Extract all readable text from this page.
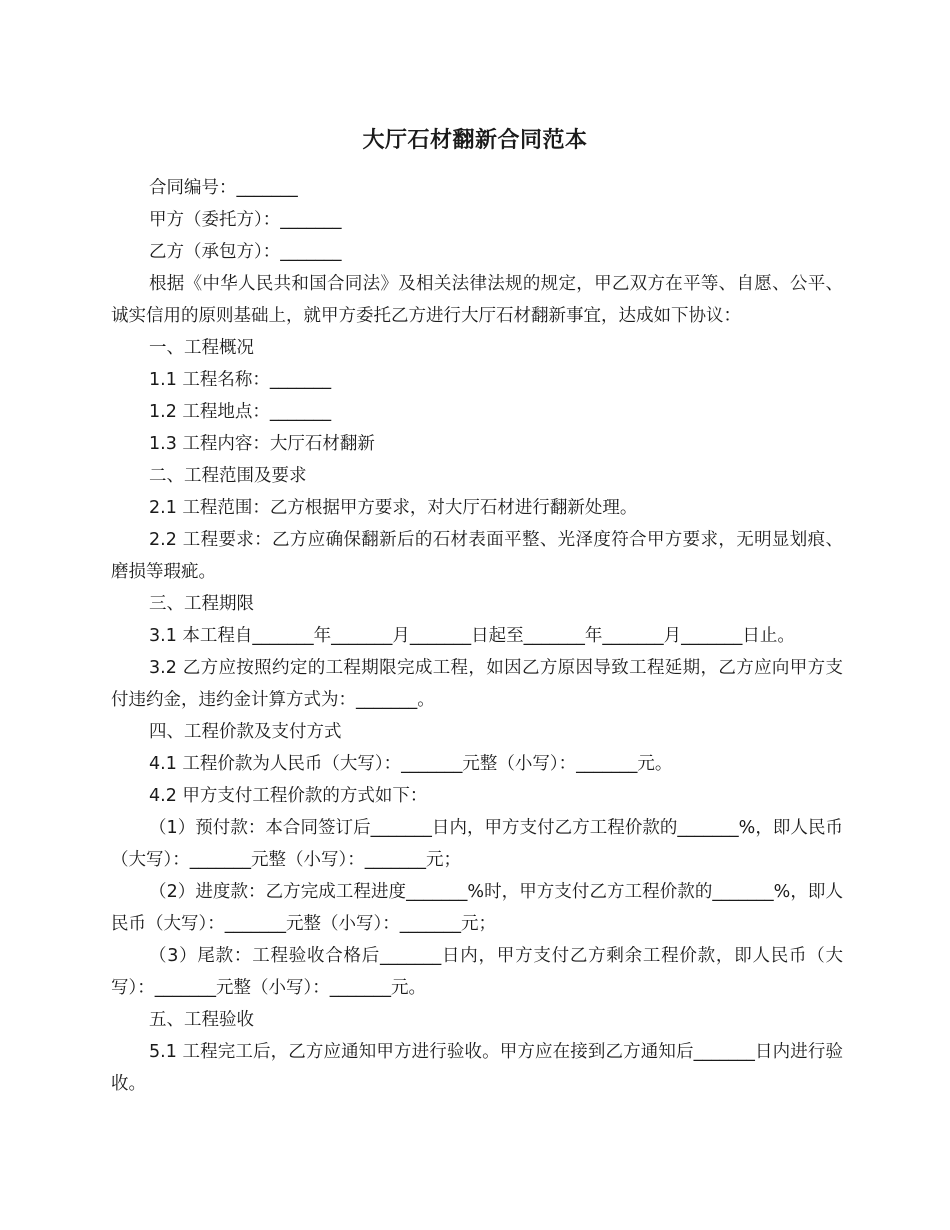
大厅石材翻新合同范本

合同编号：_______

甲方（委托方）：_______

乙方（承包方）：_______

根据《中华人民共和国合同法》及相关法律法规的规定，甲乙双方在平等、自愿、公平、诚实信用的原则基础上，就甲方委托乙方进行大厅石材翻新事宜，达成如下协议：

一、工程概况

1.1 工程名称：_______

1.2 工程地点：_______

1.3 工程内容：大厅石材翻新

二、工程范围及要求

2.1 工程范围：乙方根据甲方要求，对大厅石材进行翻新处理。

2.2 工程要求：乙方应确保翻新后的石材表面平整、光泽度符合甲方要求，无明显划痕、磨损等瑕疵。

三、工程期限

3.1 本工程自_______年_______月_______日起至_______年_______月_______日止。

3.2 乙方应按照约定的工程期限完成工程，如因乙方原因导致工程延期，乙方应向甲方支付违约金，违约金计算方式为：_______。

四、工程价款及支付方式

4.1 工程价款为人民币（大写）：_______元整（小写）：_______元。

4.2 甲方支付工程价款的方式如下：

（1）预付款：本合同签订后_______日内，甲方支付乙方工程价款的_______%，即人民币（大写）：_______元整（小写）：_______元；

（2）进度款：乙方完成工程进度_______%时，甲方支付乙方工程价款的_______%，即人民币（大写）：_______元整（小写）：_______元；

（3）尾款：工程验收合格后_______日内，甲方支付乙方剩余工程价款，即人民币（大写）：_______元整（小写）：_______元。

五、工程验收

5.1 工程完工后，乙方应通知甲方进行验收。甲方应在接到乙方通知后_______日内进行验收。
